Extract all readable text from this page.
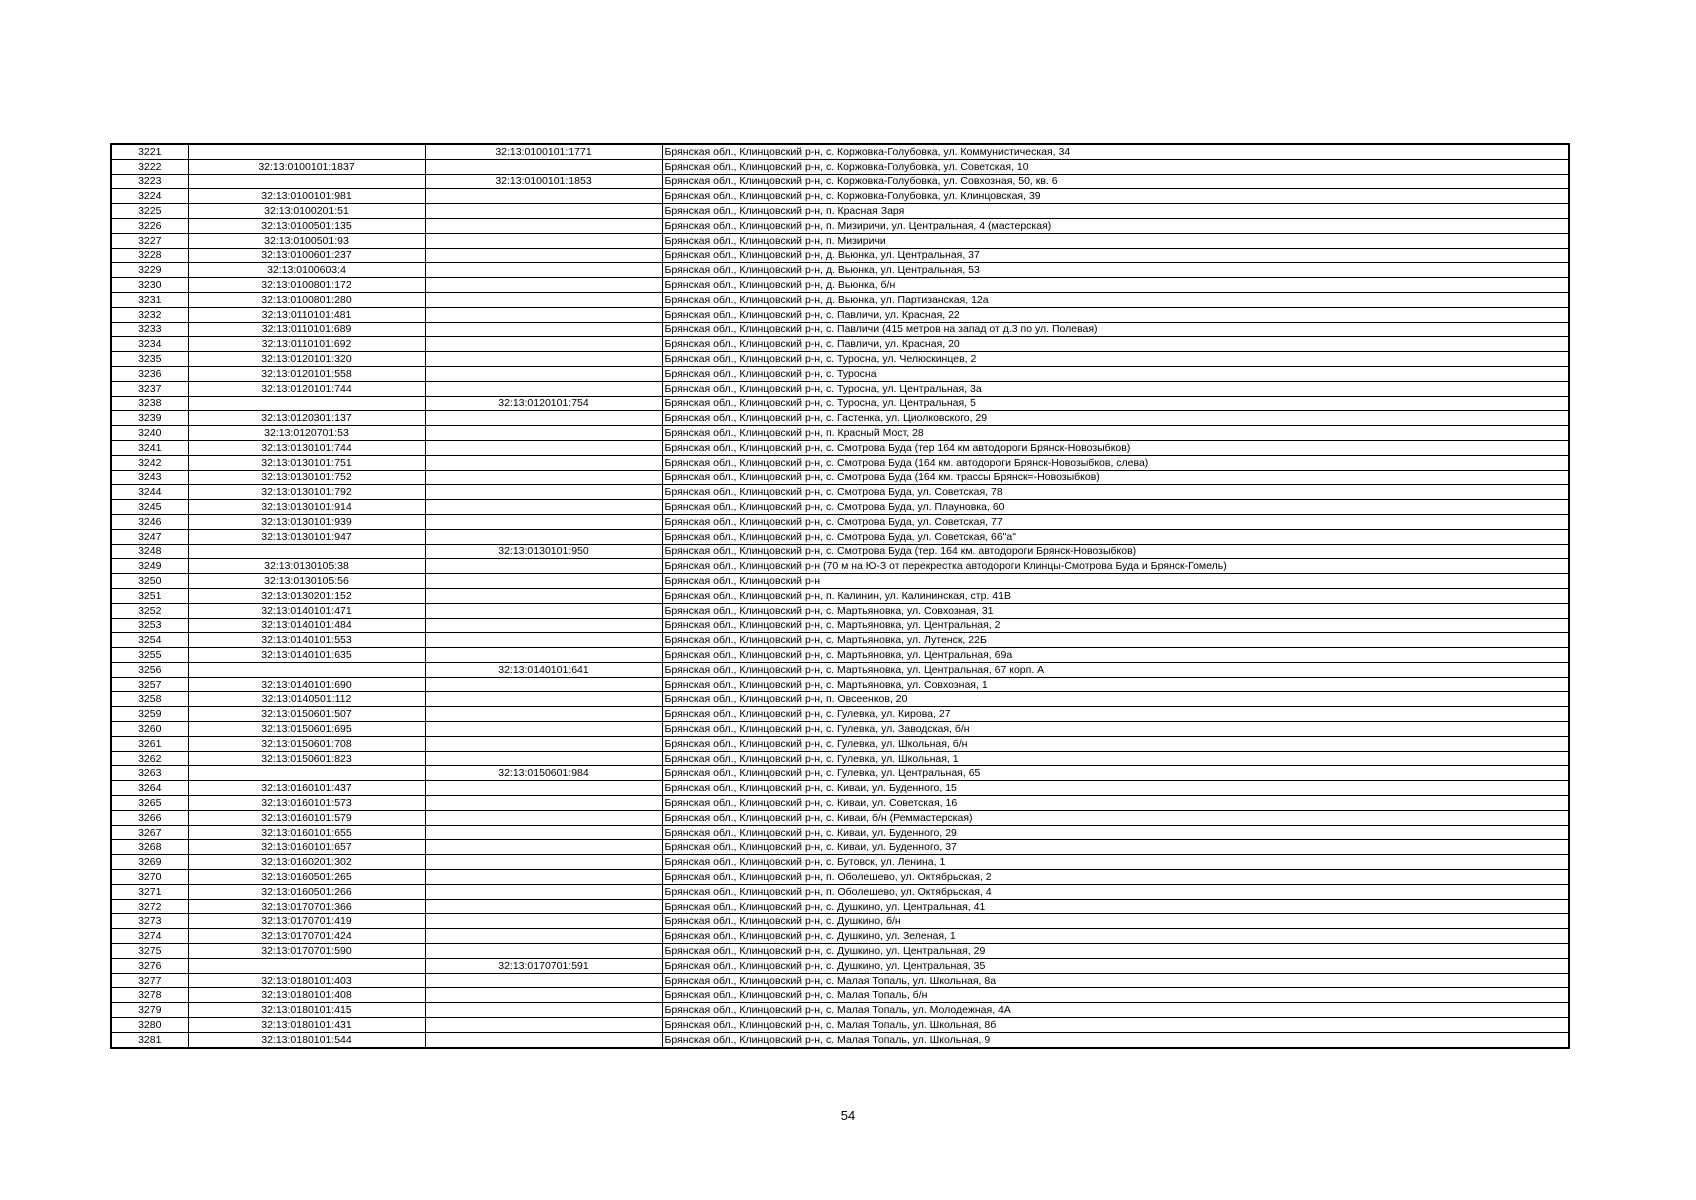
3221		32:13:0100101:1771	Брянская обл., Клинцовский р-н, с. Коржовка-Голубовка, ул. Коммунистическая, 34
3222	32:13:0100101:1837		Брянская обл., Клинцовский р-н, с. Коржовка-Голубовка, ул. Советская, 10
3223		32:13:0100101:1853	Брянская обл., Клинцовский р-н, с. Коржовка-Голубовка, ул. Совхозная, 50, кв. 6
3224	32:13:0100101:981		Брянская обл., Клинцовский р-н, с. Коржовка-Голубовка, ул. Клинцовская, 39
3225	32:13:0100201:51		Брянская обл., Клинцовский р-н, п. Красная Заря
3226	32:13:0100501:135		Брянская обл., Клинцовский р-н, п. Мизиричи, ул. Центральная, 4 (мастерская)
3227	32:13:0100501:93		Брянская обл., Клинцовский р-н, п. Мизиричи
3228	32:13:0100601:237		Брянская обл., Клинцовский р-н, д. Вьюнка, ул. Центральная, 37
3229	32:13:0100603:4		Брянская обл., Клинцовский р-н, д. Вьюнка, ул. Центральная, 53
3230	32:13:0100801:172		Брянская обл., Клинцовский р-н, д. Вьюнка, б/н
3231	32:13:0100801:280		Брянская обл., Клинцовский р-н, д. Вьюнка, ул. Партизанская, 12а
3232	32:13:0110101:481		Брянская обл., Клинцовский р-н, с. Павличи, ул. Красная, 22
3233	32:13:0110101:689		Брянская обл., Клинцовский р-н, с. Павличи (415 метров на запад от д.3 по ул. Полевая)
3234	32:13:0110101:692		Брянская обл., Клинцовский р-н, с. Павличи, ул. Красная, 20
3235	32:13:0120101:320		Брянская обл., Клинцовский р-н, с. Туросна, ул. Челюскинцев, 2
3236	32:13:0120101:558		Брянская обл., Клинцовский р-н, с. Туросна
3237	32:13:0120101:744		Брянская обл., Клинцовский р-н, с. Туросна, ул. Центральная, 3а
3238		32:13:0120101:754	Брянская обл., Клинцовский р-н, с. Туросна, ул. Центральная, 5
3239	32:13:0120301:137		Брянская обл., Клинцовский р-н, с. Гастенка, ул. Циолковского, 29
3240	32:13:0120701:53		Брянская обл., Клинцовский р-н, п. Красный Мост, 28
3241	32:13:0130101:744		Брянская обл., Клинцовский р-н, с. Смотрова Буда (тер 164 км автодороги Брянск-Новозыбков)
3242	32:13:0130101:751		Брянская обл., Клинцовский р-н, с. Смотрова Буда (164 км. автодороги Брянск-Новозыбков, слева)
3243	32:13:0130101:752		Брянская обл., Клинцовский р-н, с. Смотрова Буда (164 км. трассы Брянск=-Новозыбков)
3244	32:13:0130101:792		Брянская обл., Клинцовский р-н, с. Смотрова Буда, ул. Советская, 78
3245	32:13:0130101:914		Брянская обл., Клинцовский р-н, с. Смотрова Буда, ул. Плауновка, 60
3246	32:13:0130101:939		Брянская обл., Клинцовский р-н, с. Смотрова Буда, ул. Советская, 77
3247	32:13:0130101:947		Брянская обл., Клинцовский р-н, с. Смотрова Буда, ул. Советская, 66"а"
3248		32:13:0130101:950	Брянская обл., Клинцовский р-н, с. Смотрова Буда (тер. 164 км. автодороги Брянск-Новозыбков)
3249	32:13:0130105:38		Брянская обл., Клинцовский р-н (70 м на Ю-З от перекрестка автодороги Клинцы-Смотрова Буда и Брянск-Гомель)
3250	32:13:0130105:56		Брянская обл., Клинцовский р-н
3251	32:13:0130201:152		Брянская обл., Клинцовский р-н, п. Калинин, ул. Калининская, стр. 41В
3252	32:13:0140101:471		Брянская обл., Клинцовский р-н, с. Мартьяновка, ул. Совхозная, 31
3253	32:13:0140101:484		Брянская обл., Клинцовский р-н, с. Мартьяновка, ул. Центральная, 2
3254	32:13:0140101:553		Брянская обл., Клинцовский р-н, с. Мартьяновка, ул. Лутенск, 22Б
3255	32:13:0140101:635		Брянская обл., Клинцовский р-н, с. Мартьяновка, ул. Центральная, 69а
3256		32:13:0140101:641	Брянская обл., Клинцовский р-н, с. Мартьяновка, ул. Центральная, 67 корп. А
3257	32:13:0140101:690		Брянская обл., Клинцовский р-н, с. Мартьяновка, ул. Совхозная, 1
3258	32:13:0140501:112		Брянская обл., Клинцовский р-н, п. Овсеенков, 20
3259	32:13:0150601:507		Брянская обл., Клинцовский р-н, с. Гулевка, ул. Кирова, 27
3260	32:13:0150601:695		Брянская обл., Клинцовский р-н, с. Гулевка, ул. Заводская, б/н
3261	32:13:0150601:708		Брянская обл., Клинцовский р-н, с. Гулевка, ул. Школьная, б/н
3262	32:13:0150601:823		Брянская обл., Клинцовский р-н, с. Гулевка, ул. Школьная, 1
3263		32:13:0150601:984	Брянская обл., Клинцовский р-н, с. Гулевка, ул. Центральная, 65
3264	32:13:0160101:437		Брянская обл., Клинцовский р-н, с. Киваи, ул. Буденного, 15
3265	32:13:0160101:573		Брянская обл., Клинцовский р-н, с. Киваи, ул. Советская, 16
3266	32:13:0160101:579		Брянская обл., Клинцовский р-н, с. Киваи, б/н (Реммастерская)
3267	32:13:0160101:655		Брянская обл., Клинцовский р-н, с. Киваи, ул. Буденного, 29
3268	32:13:0160101:657		Брянская обл., Клинцовский р-н, с. Киваи, ул. Буденного, 37
3269	32:13:0160201:302		Брянская обл., Клинцовский р-н, с. Бутовск, ул. Ленина, 1
3270	32:13:0160501:265		Брянская обл., Клинцовский р-н, п. Оболешево, ул. Октябрьская, 2
3271	32:13:0160501:266		Брянская обл., Клинцовский р-н, п. Оболешево, ул. Октябрьская, 4
3272	32:13:0170701:366		Брянская обл., Клинцовский р-н, с. Душкино, ул. Центральная, 41
3273	32:13:0170701:419		Брянская обл., Клинцовский р-н, с. Душкино, б/н
3274	32:13:0170701:424		Брянская обл., Клинцовский р-н, с. Душкино, ул. Зеленая, 1
3275	32:13:0170701:590		Брянская обл., Клинцовский р-н, с. Душкино, ул. Центральная, 29
3276		32:13:0170701:591	Брянская обл., Клинцовский р-н, с. Душкино, ул. Центральная, 35
3277	32:13:0180101:403		Брянская обл., Клинцовский р-н, с. Малая Топаль, ул. Школьная, 8а
3278	32:13:0180101:408		Брянская обл., Клинцовский р-н, с. Малая Топаль, б/н
3279	32:13:0180101:415		Брянская обл., Клинцовский р-н, с. Малая Топаль, ул. Молодежная, 4А
3280	32:13:0180101:431		Брянская обл., Клинцовский р-н, с. Малая Топаль, ул. Школьная, 8б
3281	32:13:0180101:544		Брянская обл., Клинцовский р-н, с. Малая Топаль, ул. Школьная, 9
54
